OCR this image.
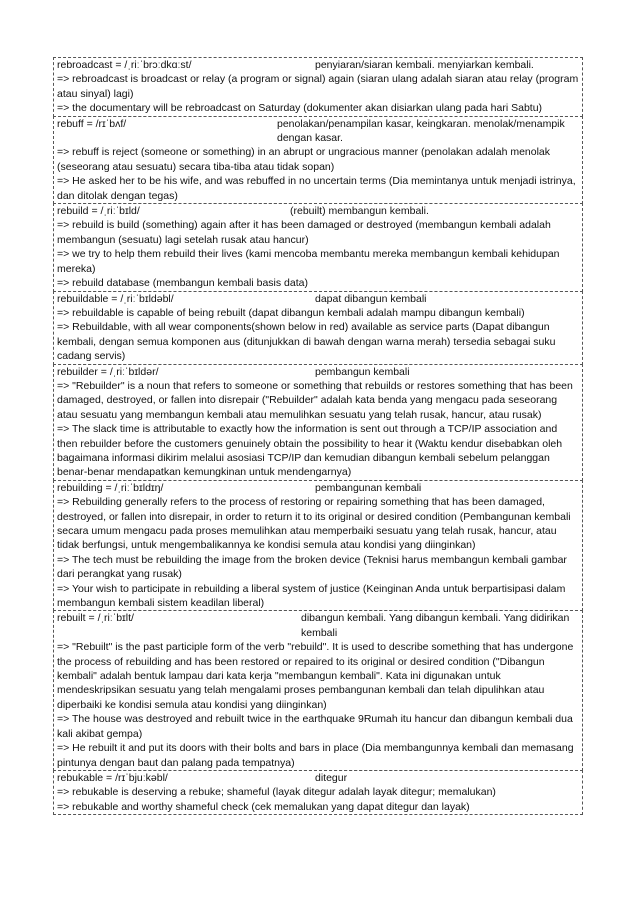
rebroadcast = /ˌriːˈbrɔːdkɑːst/	penyiaran/siaran kembali. menyiarkan kembali.
=> rebroadcast is broadcast or relay (a program or signal) again (siaran ulang adalah siaran atau relay (program atau sinyal) lagi)
=> the documentary will be rebroadcast on Saturday (dokumenter akan disiarkan ulang pada hari Sabtu)
rebuff = /rɪˈbʌf/	penolakan/penampilan kasar, keingkaran. menolak/menampik dengan kasar.
=> rebuff is reject (someone or something) in an abrupt or ungracious manner (penolakan adalah menolak (seseorang atau sesuatu) secara tiba-tiba atau tidak sopan)
=> He asked her to be his wife, and was rebuffed in no uncertain terms (Dia memintanya untuk menjadi istrinya, dan ditolak dengan tegas)
rebuild = /ˌriːˈbɪld/	(rebuilt) membangun kembali.
=> rebuild is build (something) again after it has been damaged or destroyed (membangun kembali adalah membangun (sesuatu) lagi setelah rusak atau hancur)
=> we try to help them rebuild their lives (kami mencoba membantu mereka membangun kembali kehidupan mereka)
=> rebuild database (membangun kembali basis data)
rebuildable = /ˌriːˈbɪldəbl/	dapat dibangun kembali
=> rebuildable is capable of being rebuilt (dapat dibangun kembali adalah mampu dibangun kembali)
=> Rebuildable, with all wear components(shown below in red) available as service parts (Dapat dibangun kembali, dengan semua komponen aus (ditunjukkan di bawah dengan warna merah) tersedia sebagai suku cadang servis)
rebuilder = /ˌriːˈbɪldər/	pembangun kembali
=> "Rebuilder" is a noun that refers to someone or something that rebuilds or restores something that has been damaged, destroyed, or fallen into disrepair ("Rebuilder" adalah kata benda yang mengacu pada seseorang atau sesuatu yang membangun kembali atau memulihkan sesuatu yang telah rusak, hancur, atau rusak)
=> The slack time is attributable to exactly how the information is sent out through a TCP/IP association and then rebuilder before the customers genuinely obtain the possibility to hear it (Waktu kendur disebabkan oleh bagaimana informasi dikirim melalui asosiasi TCP/IP dan kemudian dibangun kembali sebelum pelanggan benar-benar mendapatkan kemungkinan untuk mendengarnya)
rebuilding = /ˌriːˈbɪldɪŋ/	pembangunan kembali
=> Rebuilding generally refers to the process of restoring or repairing something that has been damaged, destroyed, or fallen into disrepair, in order to return it to its original or desired condition (Pembangunan kembali secara umum mengacu pada proses memulihkan atau memperbaiki sesuatu yang telah rusak, hancur, atau tidak berfungsi, untuk mengembalikannya ke kondisi semula atau kondisi yang diinginkan)
=> The tech must be rebuilding the image from the broken device (Teknisi harus membangun kembali gambar dari perangkat yang rusak)
=> Your wish to participate in rebuilding a liberal system of justice (Keinginan Anda untuk berpartisipasi dalam membangun kembali sistem keadilan liberal)
rebuilt = /ˌriːˈbɪlt/	dibangun kembali. Yang dibangun kembali. Yang didirikan kembali
=> "Rebuilt" is the past participle form of the verb "rebuild". It is used to describe something that has undergone the process of rebuilding and has been restored or repaired to its original or desired condition ("Dibangun kembali" adalah bentuk lampau dari kata kerja "membangun kembali". Kata ini digunakan untuk mendeskripsikan sesuatu yang telah mengalami proses pembangunan kembali dan telah dipulihkan atau diperbaiki ke kondisi semula atau kondisi yang diinginkan)
=> The house was destroyed and rebuilt twice in the earthquake 9Rumah itu hancur dan dibangun kembali dua kali akibat gempa)
=> He rebuilt it and put its doors with their bolts and bars in place (Dia membangunnya kembali dan memasang pintunya dengan baut dan palang pada tempatnya)
rebukable = /rɪˈbjuːkəbl/	ditegur
=> rebukable is deserving a rebuke; shameful (layak ditegur adalah layak ditegur; memalukan)
=> rebukable and worthy shameful check (cek memalukan yang dapat ditegur dan layak)
